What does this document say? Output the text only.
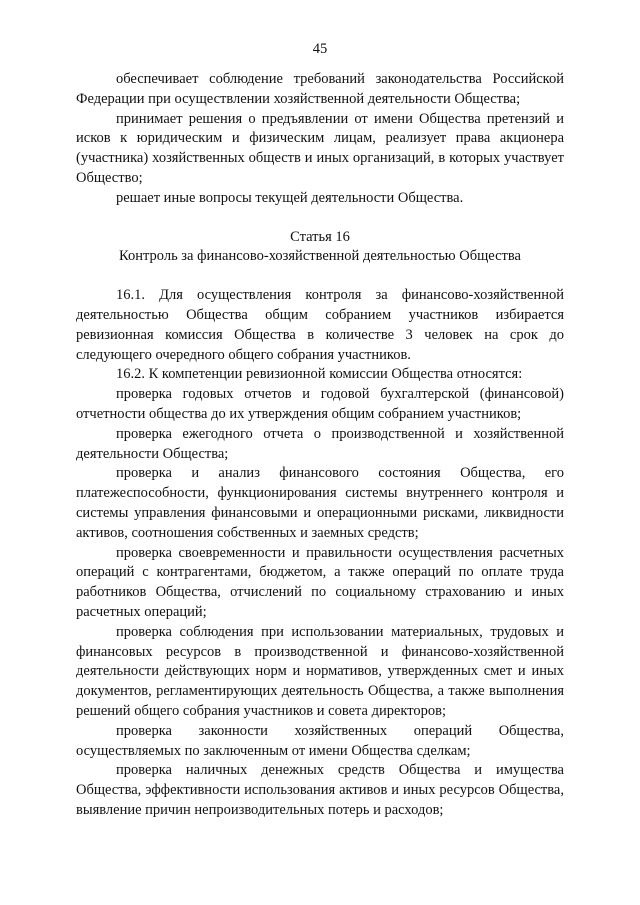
45

обеспечивает соблюдение требований законодательства Российской Федерации при осуществлении хозяйственной деятельности Общества;

принимает решения о предъявлении от имени Общества претензий и исков к юридическим и физическим лицам, реализует права акционера (участника) хозяйственных обществ и иных организаций, в которых участвует Общество;

решает иные вопросы текущей деятельности Общества.

Статья 16

Контроль за финансово-хозяйственной деятельностью Общества

16.1. Для осуществления контроля за финансово-хозяйственной деятельностью Общества общим собранием участников избирается ревизионная комиссия Общества в количестве 3 человек на срок до следующего очередного общего собрания участников.

16.2. К компетенции ревизионной комиссии Общества относятся:

проверка годовых отчетов и годовой бухгалтерской (финансовой) отчетности общества до их утверждения общим собранием участников;

проверка ежегодного отчета о производственной и хозяйственной деятельности Общества;

проверка и анализ финансового состояния Общества, его платежеспособности, функционирования системы внутреннего контроля и системы управления финансовыми и операционными рисками, ликвидности активов, соотношения собственных и заемных средств;

проверка своевременности и правильности осуществления расчетных операций с контрагентами, бюджетом, а также операций по оплате труда работников Общества, отчислений по социальному страхованию и иных расчетных операций;

проверка соблюдения при использовании материальных, трудовых и финансовых ресурсов в производственной и финансово-хозяйственной деятельности действующих норм и нормативов, утвержденных смет и иных документов, регламентирующих деятельность Общества, а также выполнения решений общего собрания участников и совета директоров;

проверка законности хозяйственных операций Общества, осуществляемых по заключенным от имени Общества сделкам;

проверка наличных денежных средств Общества и имущества Общества, эффективности использования активов и иных ресурсов Общества, выявление причин непроизводительных потерь и расходов;
